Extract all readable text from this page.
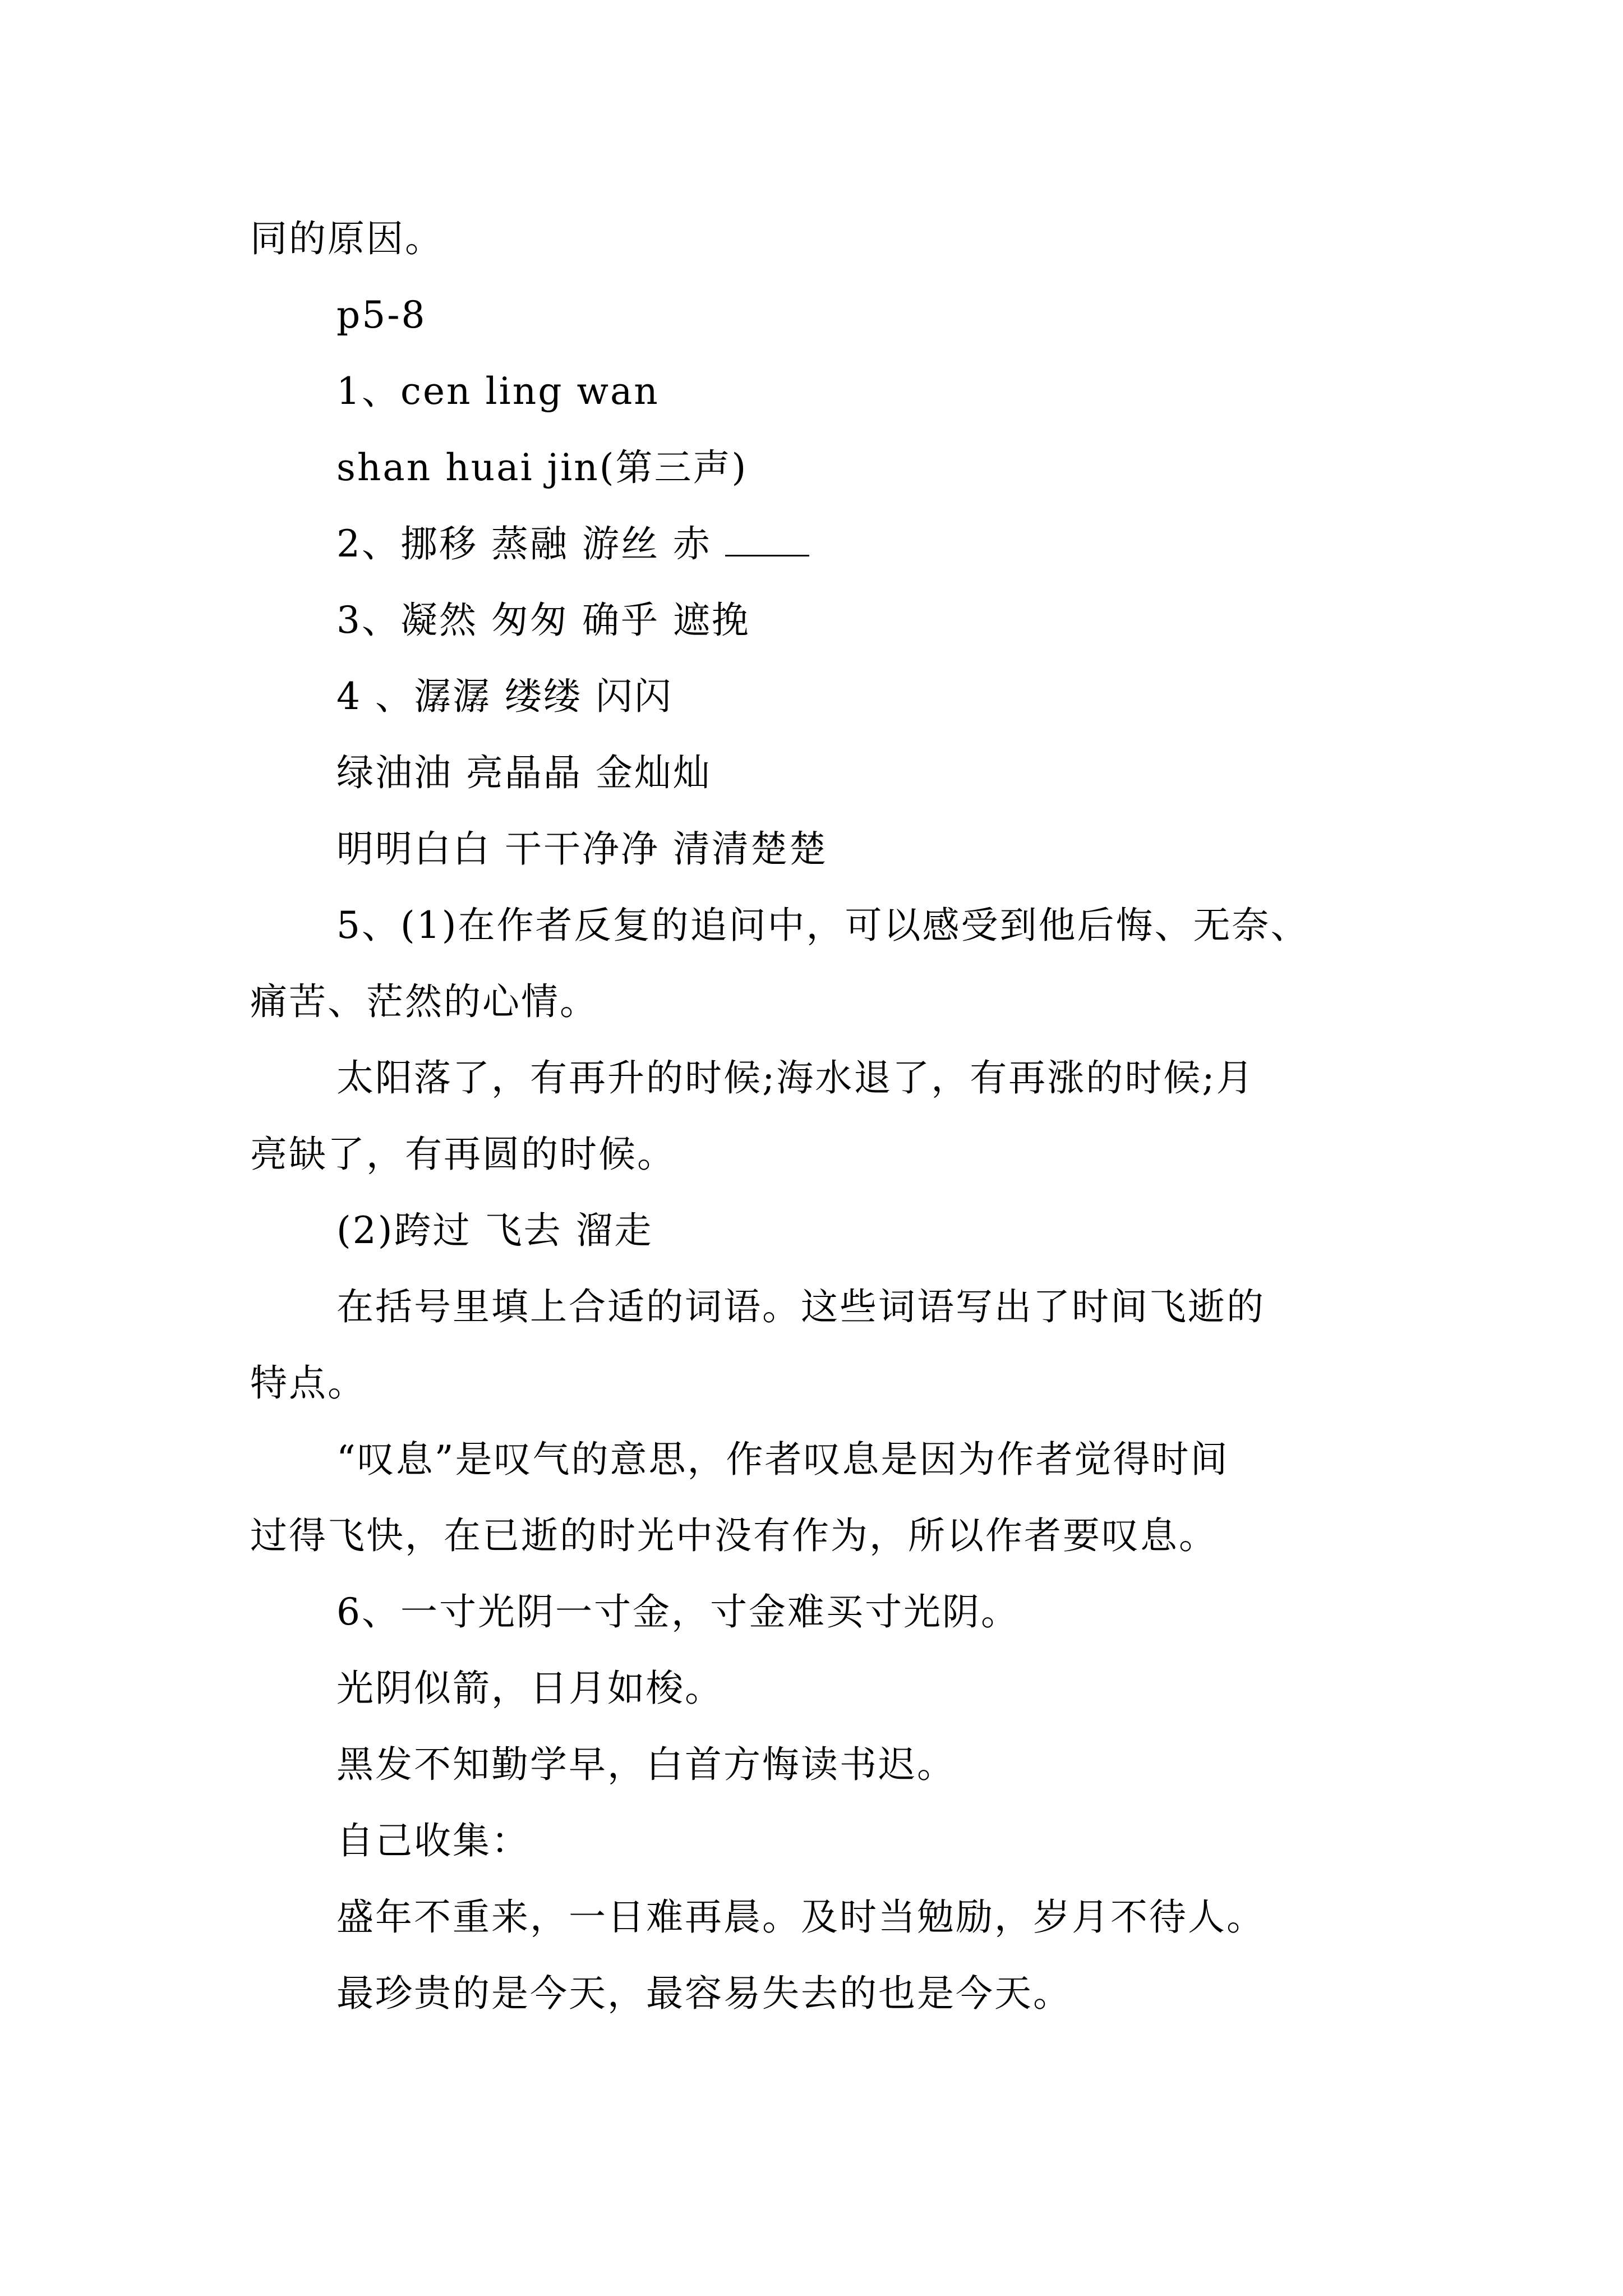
同的原因。
p5-8
1、cen ling wan
shan huai jin(第三声)
2、挪移 蒸融 游丝 赤
3、凝然 匆匆 确乎 遮挽
4 、潺潺 缕缕 闪闪
绿油油 亮晶晶 金灿灿
明明白白 干干净净 清清楚楚
5、(1)在作者反复的追问中，可以感受到他后悔、无奈、
痛苦、茫然的心情。
太阳落了，有再升的时候;海水退了，有再涨的时候;月
亮缺了，有再圆的时候。
(2)跨过 飞去 溜走
在括号里填上合适的词语。这些词语写出了时间飞逝的
特点。
“叹息”是叹气的意思，作者叹息是因为作者觉得时间
过得飞快，在已逝的时光中没有作为，所以作者要叹息。
6、一寸光阴一寸金，寸金难买寸光阴。
光阴似箭，日月如梭。
黑发不知勤学早，白首方悔读书迟。
自己收集：
盛年不重来，一日难再晨。及时当勉励，岁月不待人。
最珍贵的是今天，最容易失去的也是今天。
